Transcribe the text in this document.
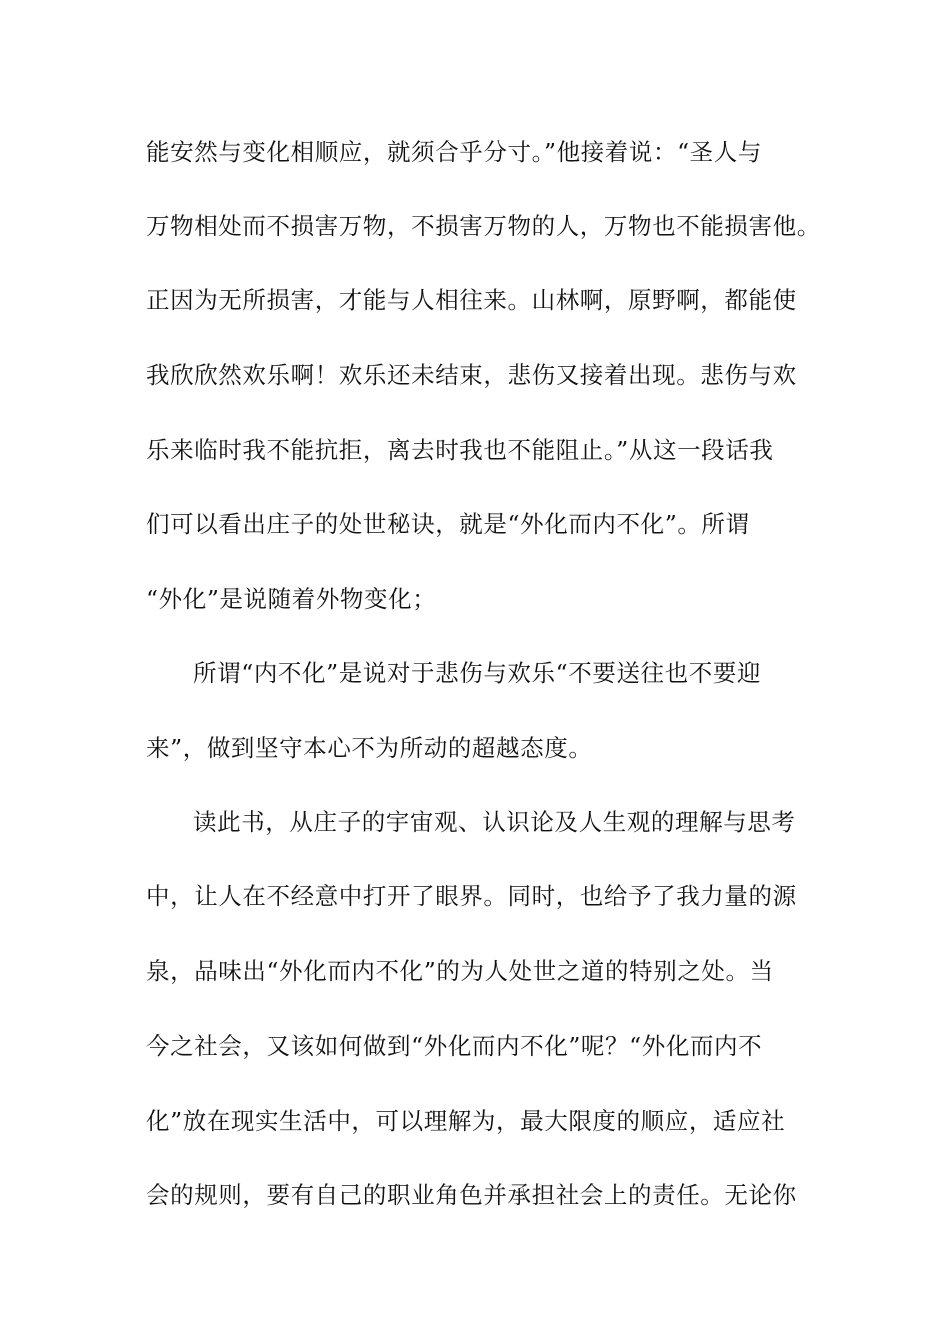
能安然与变化相顺应，就须合乎分寸。”他接着说：“圣人与
万物相处而不损害万物，不损害万物的人，万物也不能损害他。
正因为无所损害，才能与人相往来。山林啊，原野啊，都能使
我欣欣然欢乐啊！欢乐还未结束，悲伤又接着出现。悲伤与欢
乐来临时我不能抗拒，离去时我也不能阻止。”从这一段话我
们可以看出庄子的处世秘诀，就是“外化而内不化”。所谓
“外化”是说随着外物变化；
所谓“内不化”是说对于悲伤与欢乐“不要送往也不要迎
来”，做到坚守本心不为所动的超越态度。
读此书，从庄子的宇宙观、认识论及人生观的理解与思考
中，让人在不经意中打开了眼界。同时，也给予了我力量的源
泉，品味出“外化而内不化”的为人处世之道的特别之处。当
今之社会，又该如何做到“外化而内不化”呢？“外化而内不
化”放在现实生活中，可以理解为，最大限度的顺应，适应社
会的规则，要有自己的职业角色并承担社会上的责任。无论你
